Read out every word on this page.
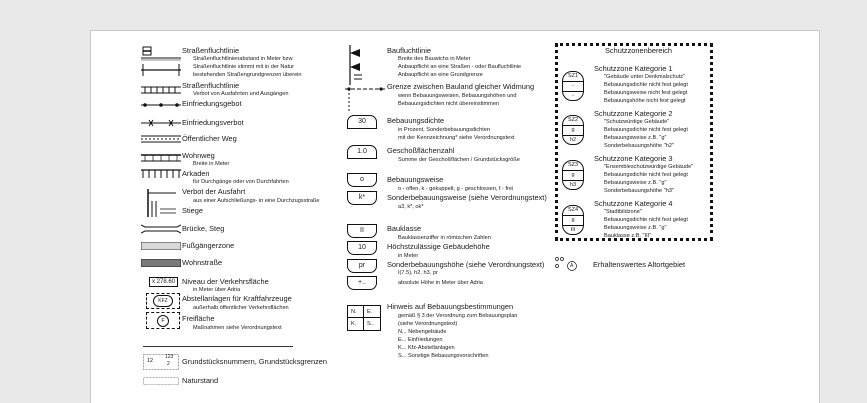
Straßenfluchtlinie
Straßenfluchtlinienabstand in Meter bzw.
Straßenfluchtlinie stimmt mit in der Natur
bestehenden Straßengrundgrenzen überein
Straßenfluchtlinie
Verbot von Ausfahrten und Ausgängen
Einfriedungsgebot
Einfriedungsverbot
Öffentlicher Weg
Wohnweg
Breite in Meter
Arkaden
für Durchgänge oder von Durchfahrten
Verbot der Ausfahrt
aus einer Aufschließungs- in eine Durchzugsstraße
Stiege
Brücke, Steg
Fußgängerzone
Wohnstraße
x 278.60 Niveau der Verkehrsfläche
in Meter über Adria
KFZ	Abstellanlagen für Kraftfahrzeuge
außerhalb öffentlicher Verkehrsflächen
F	Freifläche
Maßnahmen siehe Verordnungstext
12
123
2 Grundstücksnummern, Grundstücksgrenzen
Naturstand
Baufluchtlinie
Breite des Bauwichs in Meter
Anbaupflicht an eine Straßen - oder Baufluchtlinie
Anbaupflicht an eine Grundgrenze
Grenze zwischen Bauland gleicher Widmung
wenn Bebauungsweisen, Bebauungshöhen und
Bebauungsdichten nicht übereinstimmen
30	Bebauungsdichte
in Prozent, Sonderbebauungsdichten
mit der Kennzeichnung* siehe Verordnungstext
1.0	Geschoßflächenzahl
Summe der Geschoßflächen / Grundstücksgröße
o	Bebauungsweise
o - offen, k - gekuppelt, g - geschlossen, f - frei
k*	Sonderbebauungsweise (siehe Verordnungstext)
a3, k*, ok*
II	Bauklasse
Bauklassenziffer in römischen Zahlen
10	Höchstzulässige Gebäudehöhe
in Meter
pr	Sonderbebauungshöhe (siehe Verordnungstext)
I(7.5), h2, h3, pr
+..	absolute Höhe in Meter über Adria
N. E.
K. S..
Hinweis auf Bebauungsbestimmungen
gemäß § 3 der Verordnung zum Bebauungsplan
(siehe Verordnungstext)
N... Nebengebäude
E... Einfriedungen
K... Kfz-Abstellanlagen
S... Sonstige Bebauungsvorschriften
Schutzzonenbereich
SZ1
-
-
Schutzzone Kategorie 1
"Gebäude unter Denkmalschutz"
Bebauungsdichte nicht fest gelegt
Bebauungsweise nicht fest gelegt
Bebauungshöhe nicht fest gelegt
SZ2
g
h2
Schutzzone Kategorie 2
"Schutzwürdige Gebäude"
Bebauungsdichte nicht fest gelegt
Bebauungsweise z.B. "g"
Sonderbebauungshöhe "h2"
SZ3
g
h3
Schutzzone Kategorie 3
"Ensembleschutzwürdige Gebäude"
Bebauungsdichte nicht fest gelegt
Bebauungsweise z.B. "g"
Sonderbebauungshöhe "h3"
SZ4
g
III
Schutzzone Kategorie 4
"Stadtbildzone"
Bebauungsdichte nicht fest gelegt
Bebauungsweise z.B. "g"
Bauklasse z.B. "III"
A	Erhaltenswertes Altortgebiet
